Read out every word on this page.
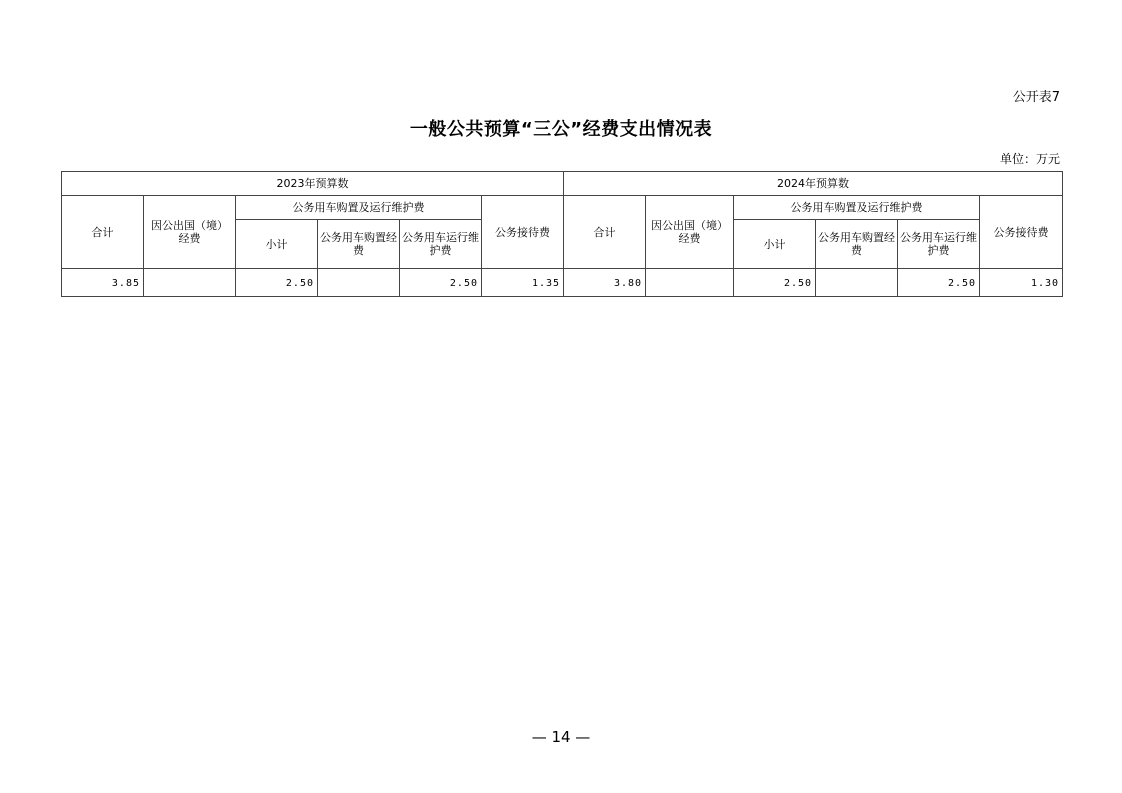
公开表7
一般公共预算“三公”经费支出情况表
单位：万元
2023年预算数						2024年预算数					
合计	因公出国（境）经费	公务用车购置及运行维护费			公务接待费	合计	因公出国（境）经费	公务用车购置及运行维护费			公务接待费
		小计	公务用车购置经费	公务用车运行维护费				小计	公务用车购置经费	公务用车运行维护费	
3.85		2.50		2.50	1.35	3.80		2.50		2.50	1.30
— 14 —
